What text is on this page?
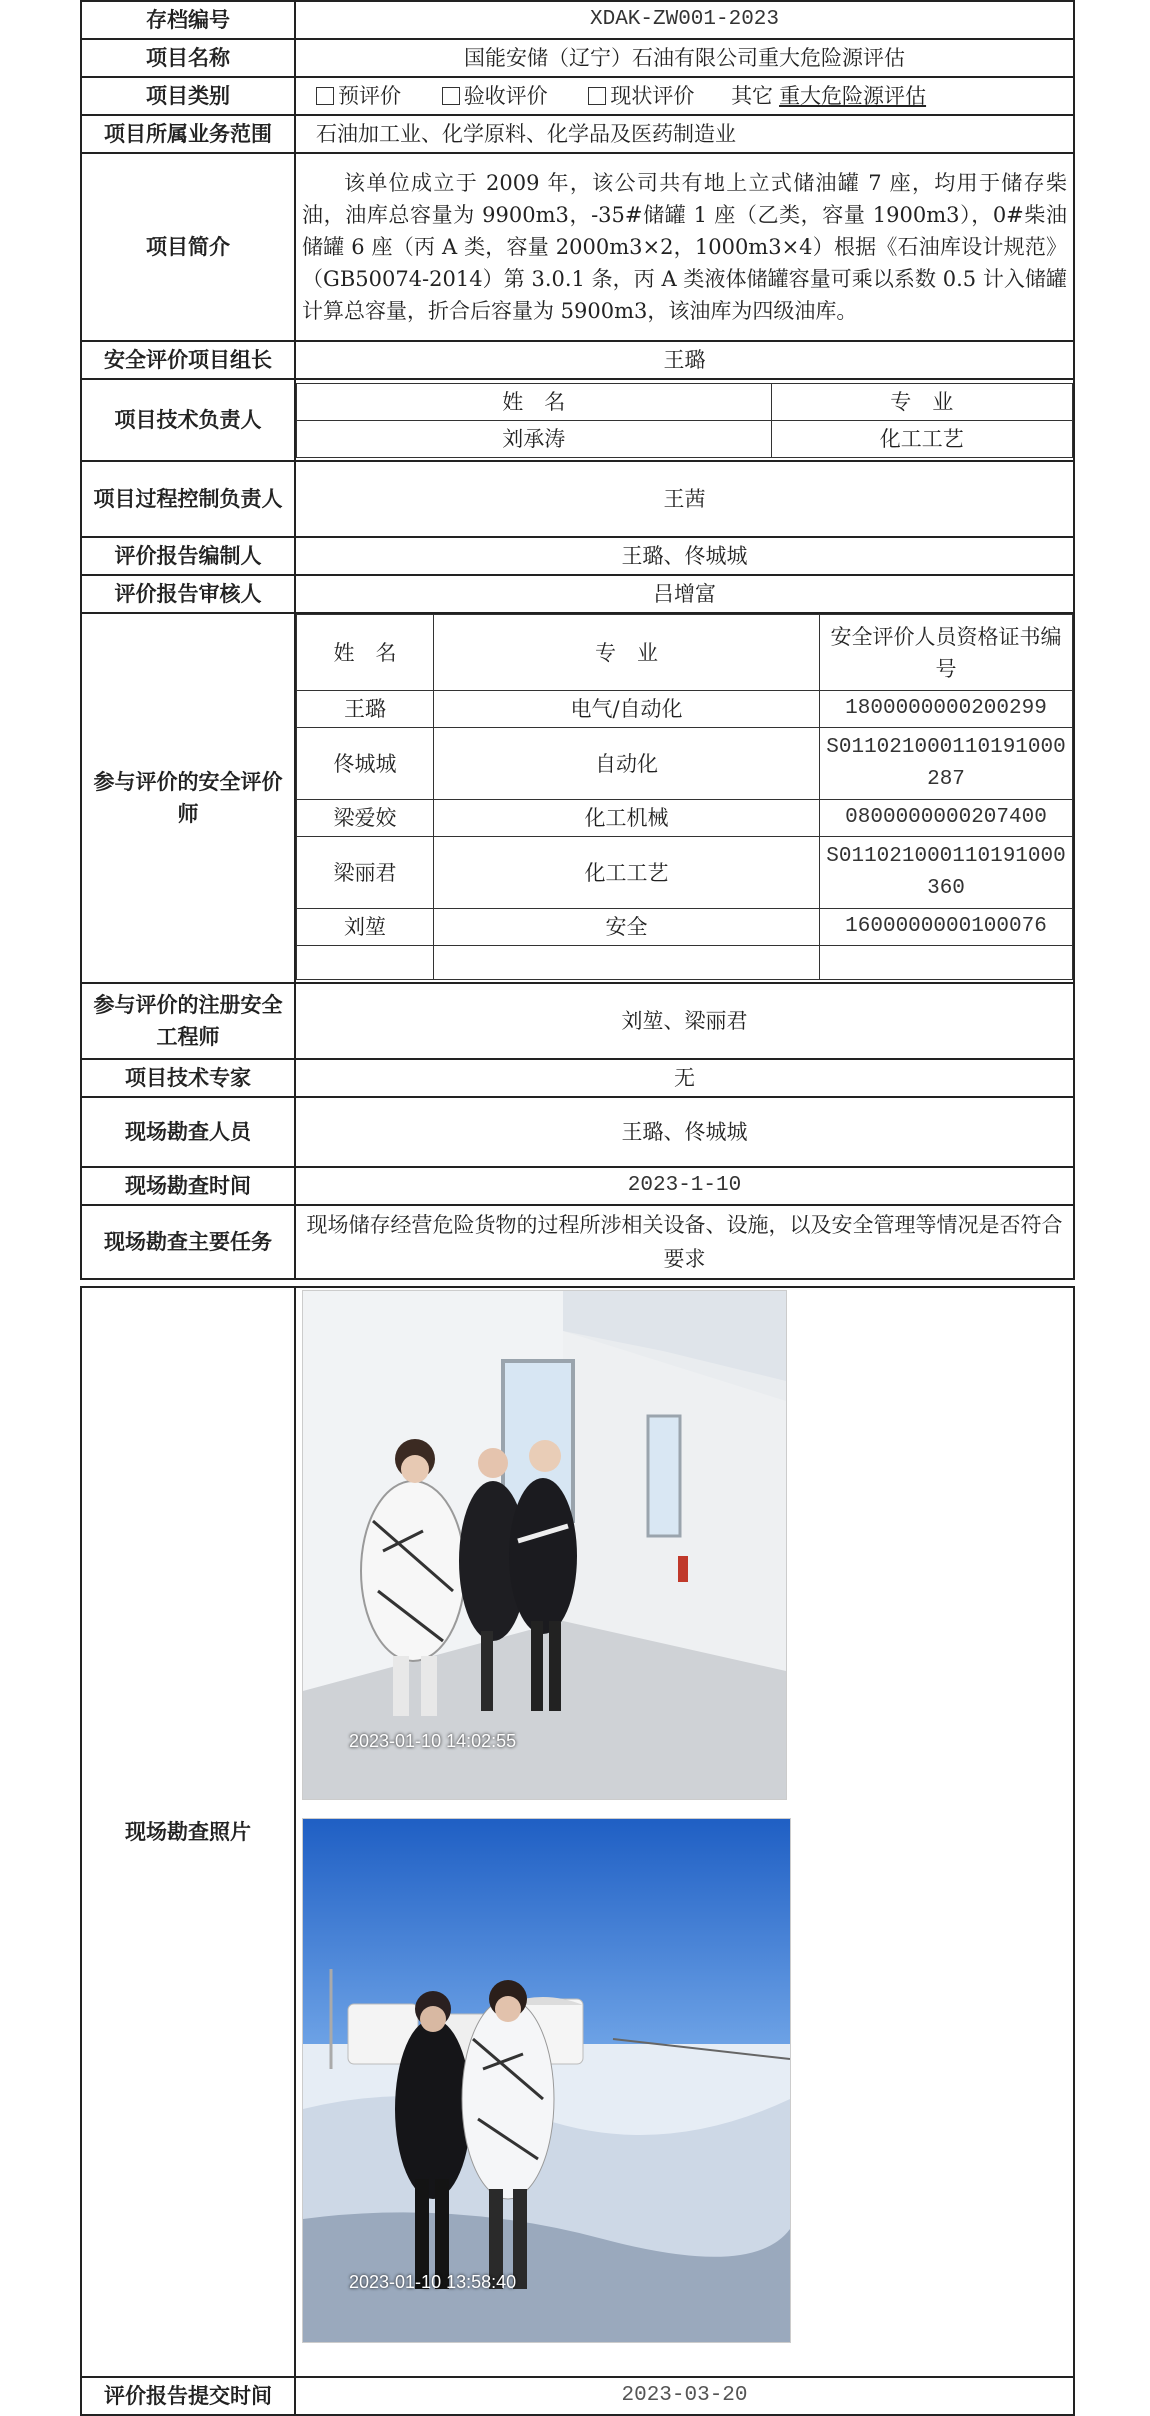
存档编号	XDAK-ZW001-2023
项目名称	国能安储（辽宁）石油有限公司重大危险源评估
项目类别	预评价	验收评价	现状评价 其它 重大危险源评估
项目所属业务范围	石油加工业、化学原料、化学品及医药制造业
项目简介	该单位成立于 2009 年，该公司共有地上立式储油罐 7 座，均用于储存柴油，油库总容量为 9900m3，-35#储罐 1 座（乙类，容量 1900m3），0#柴油储罐 6 座（丙 A 类，容量 2000m3×2，1000m3×4）根据《石油库设计规范》（GB50074-2014）第 3.0.1 条，丙 A 类液体储罐容量可乘以系数 0.5 计入储罐计算总容量，折合后容量为 5900m3，该油库为四级油库。
安全评价项目组长	王璐
项目技术负责人	
姓　名	专　业
刘承涛	化工工艺

项目过程控制负责人	王茜
评价报告编制人	王璐、佟城城
评价报告审核人	吕增富
参与评价的安全评价师	
姓　名	专　业	安全评价人员资格证书编号
王璐	电气/自动化	1800000000200299
佟城城	自动化	S011021000110191000287
梁爱姣	化工机械	0800000000207400
梁丽君	化工工艺	S011021000110191000360
刘堃	安全	1600000000100076

参与评价的注册安全工程师	刘堃、梁丽君
项目技术专家	无
现场勘查人员	王璐、佟城城
现场勘查时间	2023-1-10
现场勘查主要任务	现场储存经营危险货物的过程所涉相关设备、设施，以及安全管理等情况是否符合要求
现场勘查照片	2023-01-10 14:02:55
2023-01-10 13:58:40

评价报告提交时间	2023-03-20
